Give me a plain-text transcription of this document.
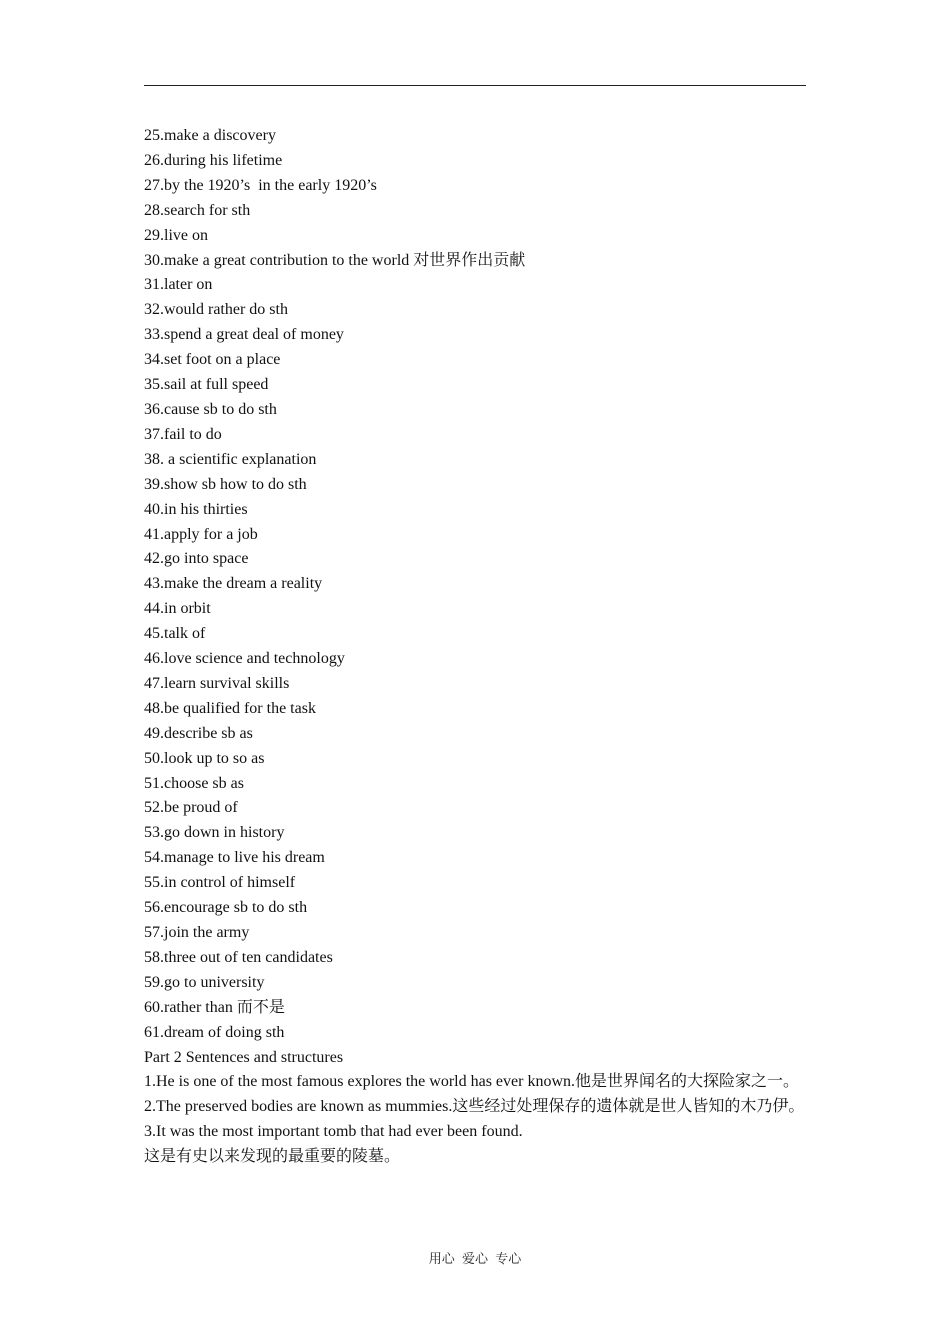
25.make a discovery
26.during his lifetime
27.by the 1920’s  in the early 1920’s
28.search for sth
29.live on
30.make a great contribution to the world 对世界作出贡献
31.later on
32.would rather do sth
33.spend a great deal of money
34.set foot on a place
35.sail at full speed
36.cause sb to do sth
37.fail to do
38. a scientific explanation
39.show sb how to do sth
40.in his thirties
41.apply for a job
42.go into space
43.make the dream a reality
44.in orbit
45.talk of
46.love science and technology
47.learn survival skills
48.be qualified for the task
49.describe sb as
50.look up to so as
51.choose sb as
52.be proud of
53.go down in history
54.manage to live his dream
55.in control of himself
56.encourage sb to do sth
57.join the army
58.three out of ten candidates
59.go to university
60.rather than 而不是
61.dream of doing sth
Part 2 Sentences and structures
1.He is one of the most famous explores the world has ever known.他是世界闻名的大探险家之一。
2.The preserved bodies are known as mummies.这些经过处理保存的遗体就是世人皆知的木乃伊。
3.It was the most important tomb that had ever been found.
这是有史以来发现的最重要的陵墓。
用心 爱心 专心
